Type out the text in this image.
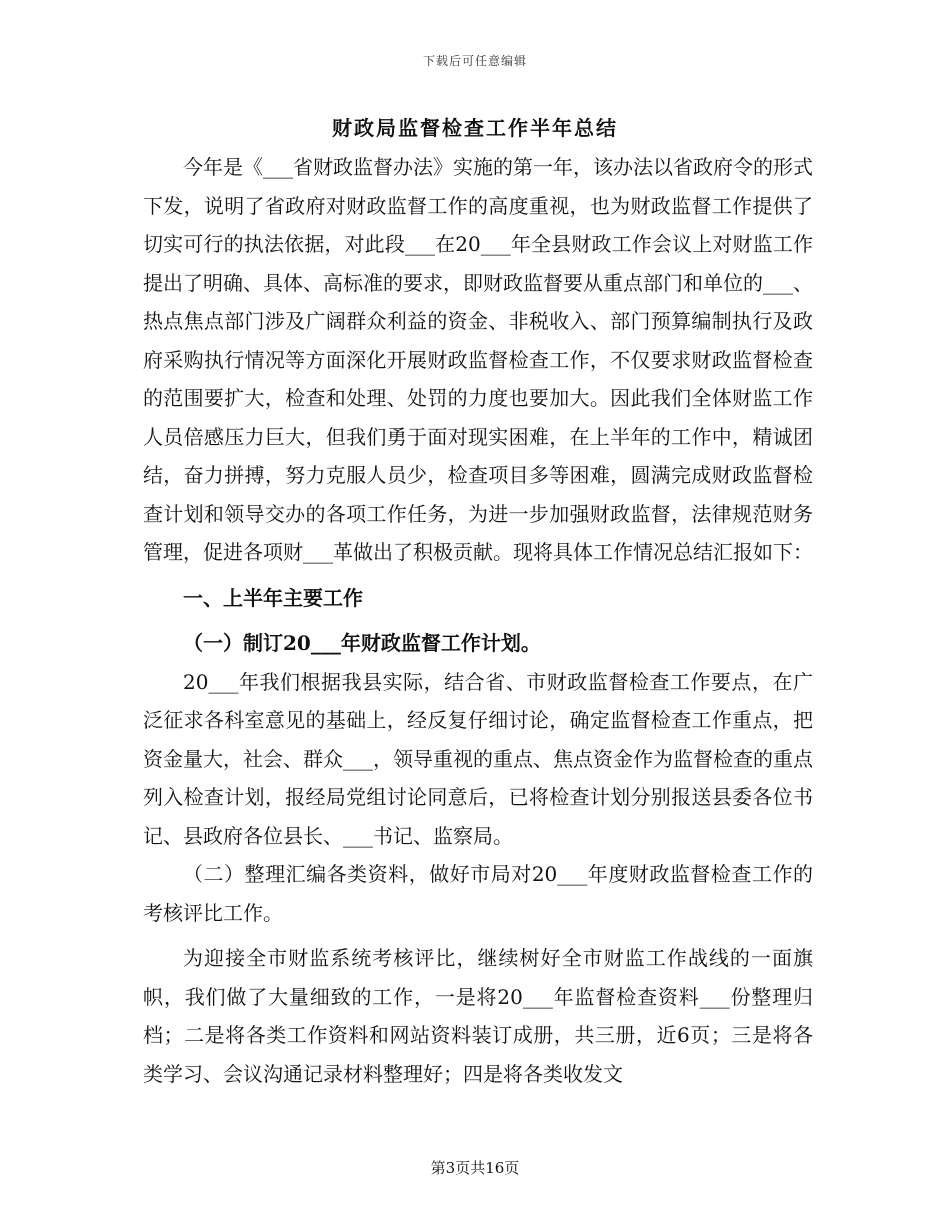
下载后可任意编辑
财政局监督检查工作半年总结

今年是《___省财政监督办法》实施的第一年，该办法以省政府令的形式下发，说明了省政府对财政监督工作的高度重视，也为财政监督工作提供了切实可行的执法依据，对此段___在20___年全县财政工作会议上对财监工作提出了明确、具体、高标准的要求，即财政监督要从重点部门和单位的___、热点焦点部门涉及广阔群众利益的资金、非税收入、部门预算编制执行及政府采购执行情况等方面深化开展财政监督检查工作，不仅要求财政监督检查的范围要扩大，检查和处理、处罚的力度也要加大。因此我们全体财监工作人员倍感压力巨大，但我们勇于面对现实困难，在上半年的工作中，精诚团结，奋力拼搏，努力克服人员少，检查项目多等困难，圆满完成财政监督检查计划和领导交办的各项工作任务，为进一步加强财政监督，法律规范财务管理，促进各项财___革做出了积极贡献。现将具体工作情况总结汇报如下：

一、上半年主要工作

（一）制订20___年财政监督工作计划。

20___年我们根据我县实际，结合省、市财政监督检查工作要点，在广泛征求各科室意见的基础上，经反复仔细讨论，确定监督检查工作重点，把资金量大，社会、群众___，领导重视的重点、焦点资金作为监督检查的重点列入检查计划，报经局党组讨论同意后，已将检查计划分别报送县委各位书记、县政府各位县长、___书记、监察局。

（二）整理汇编各类资料，做好市局对20___年度财政监督检查工作的考核评比工作。

为迎接全市财监系统考核评比，继续树好全市财监工作战线的一面旗帜，我们做了大量细致的工作，一是将20___年监督检查资料___份整理归档；二是将各类工作资料和网站资料装订成册，共三册，近6页；三是将各类学习、会议沟通记录材料整理好；四是将各类收发文

第3页共16页
